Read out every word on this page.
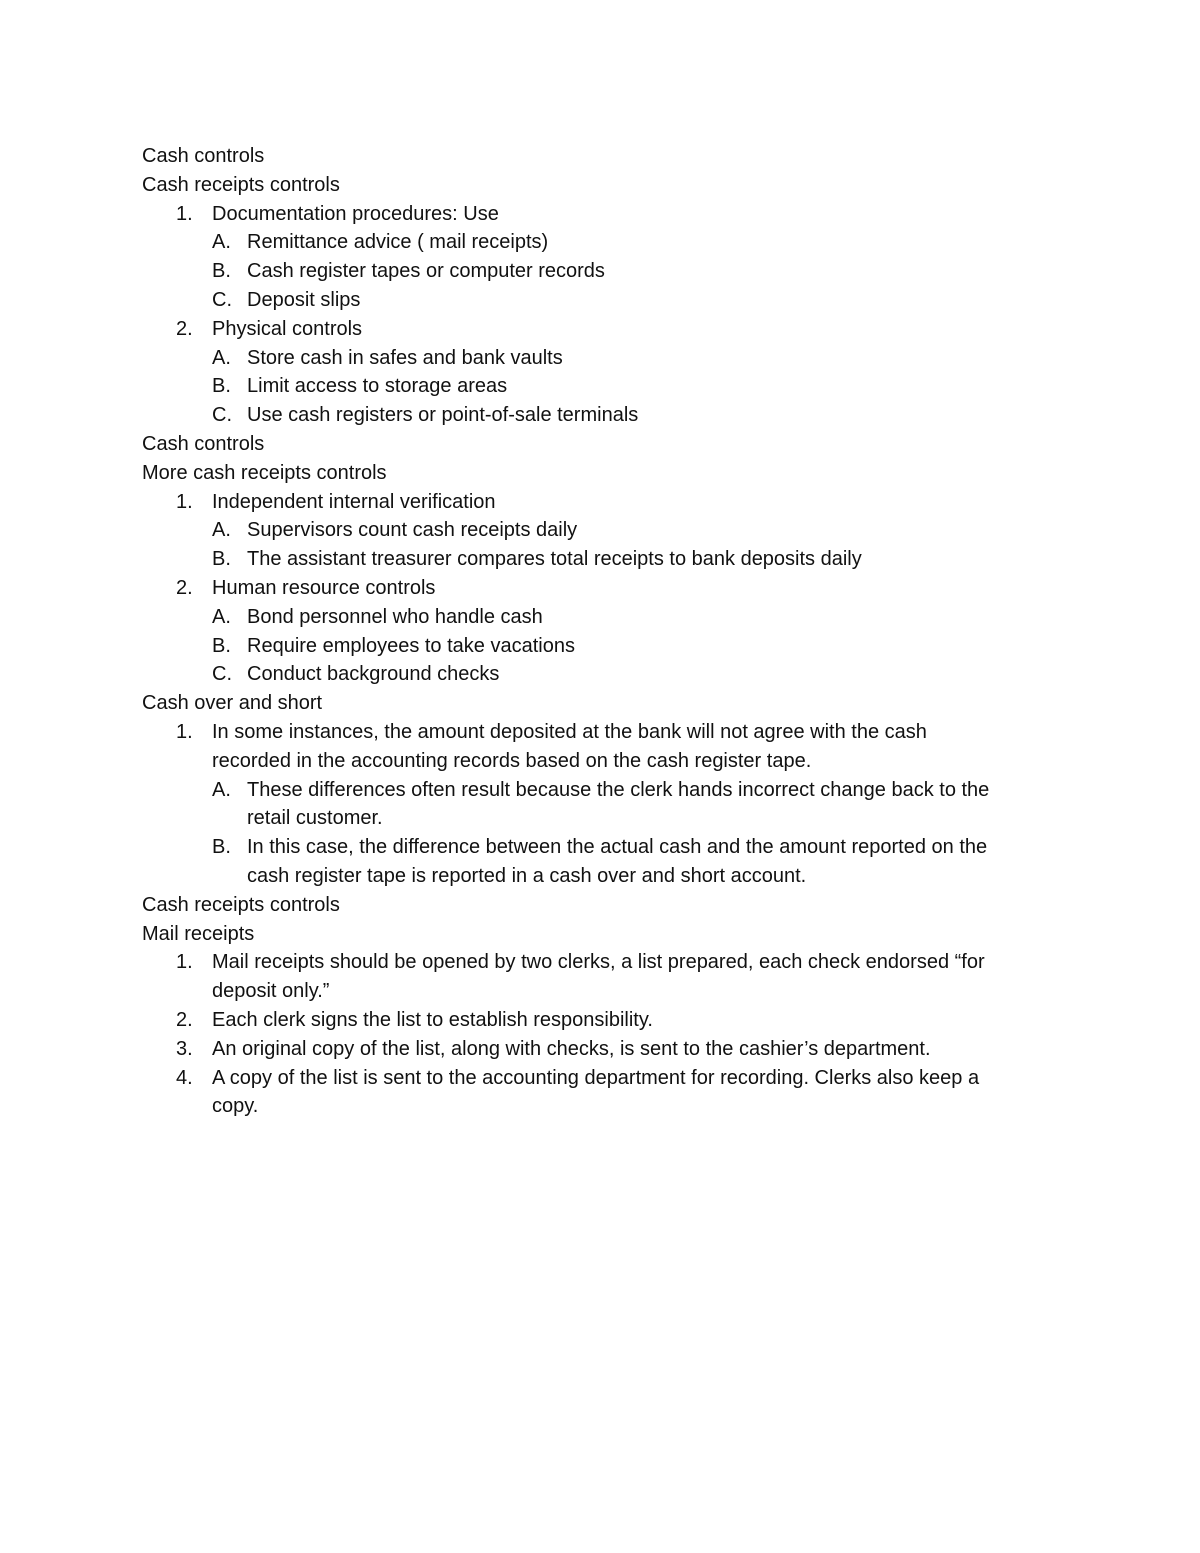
Cash controls
Cash receipts controls
1. Documentation procedures: Use
A. Remittance advice ( mail receipts)
B. Cash register tapes or computer records
C. Deposit slips
2. Physical controls
A. Store cash in safes and bank vaults
B. Limit access to storage areas
C. Use cash registers or point-of-sale terminals
Cash controls
More cash receipts controls
1. Independent internal verification
A. Supervisors count cash receipts daily
B. The assistant treasurer compares total receipts to bank deposits daily
2. Human resource controls
A. Bond personnel who handle cash
B. Require employees to take vacations
C. Conduct background checks
Cash over and short
1. In some instances, the amount deposited at the bank will not agree with the cash
recorded in the accounting records based on the cash register tape.
A. These differences often result because the clerk hands incorrect change back to the
retail customer.
B. In this case, the difference between the actual cash and the amount reported on the
cash register tape is reported in a cash over and short account.
Cash receipts controls
Mail receipts
1. Mail receipts should be opened by two clerks, a list prepared, each check endorsed “for
deposit only.”
2. Each clerk signs the list to establish responsibility.
3. An original copy of the list, along with checks, is sent to the cashier’s department.
4. A copy of the list is sent to the accounting department for recording. Clerks also keep a
copy.
